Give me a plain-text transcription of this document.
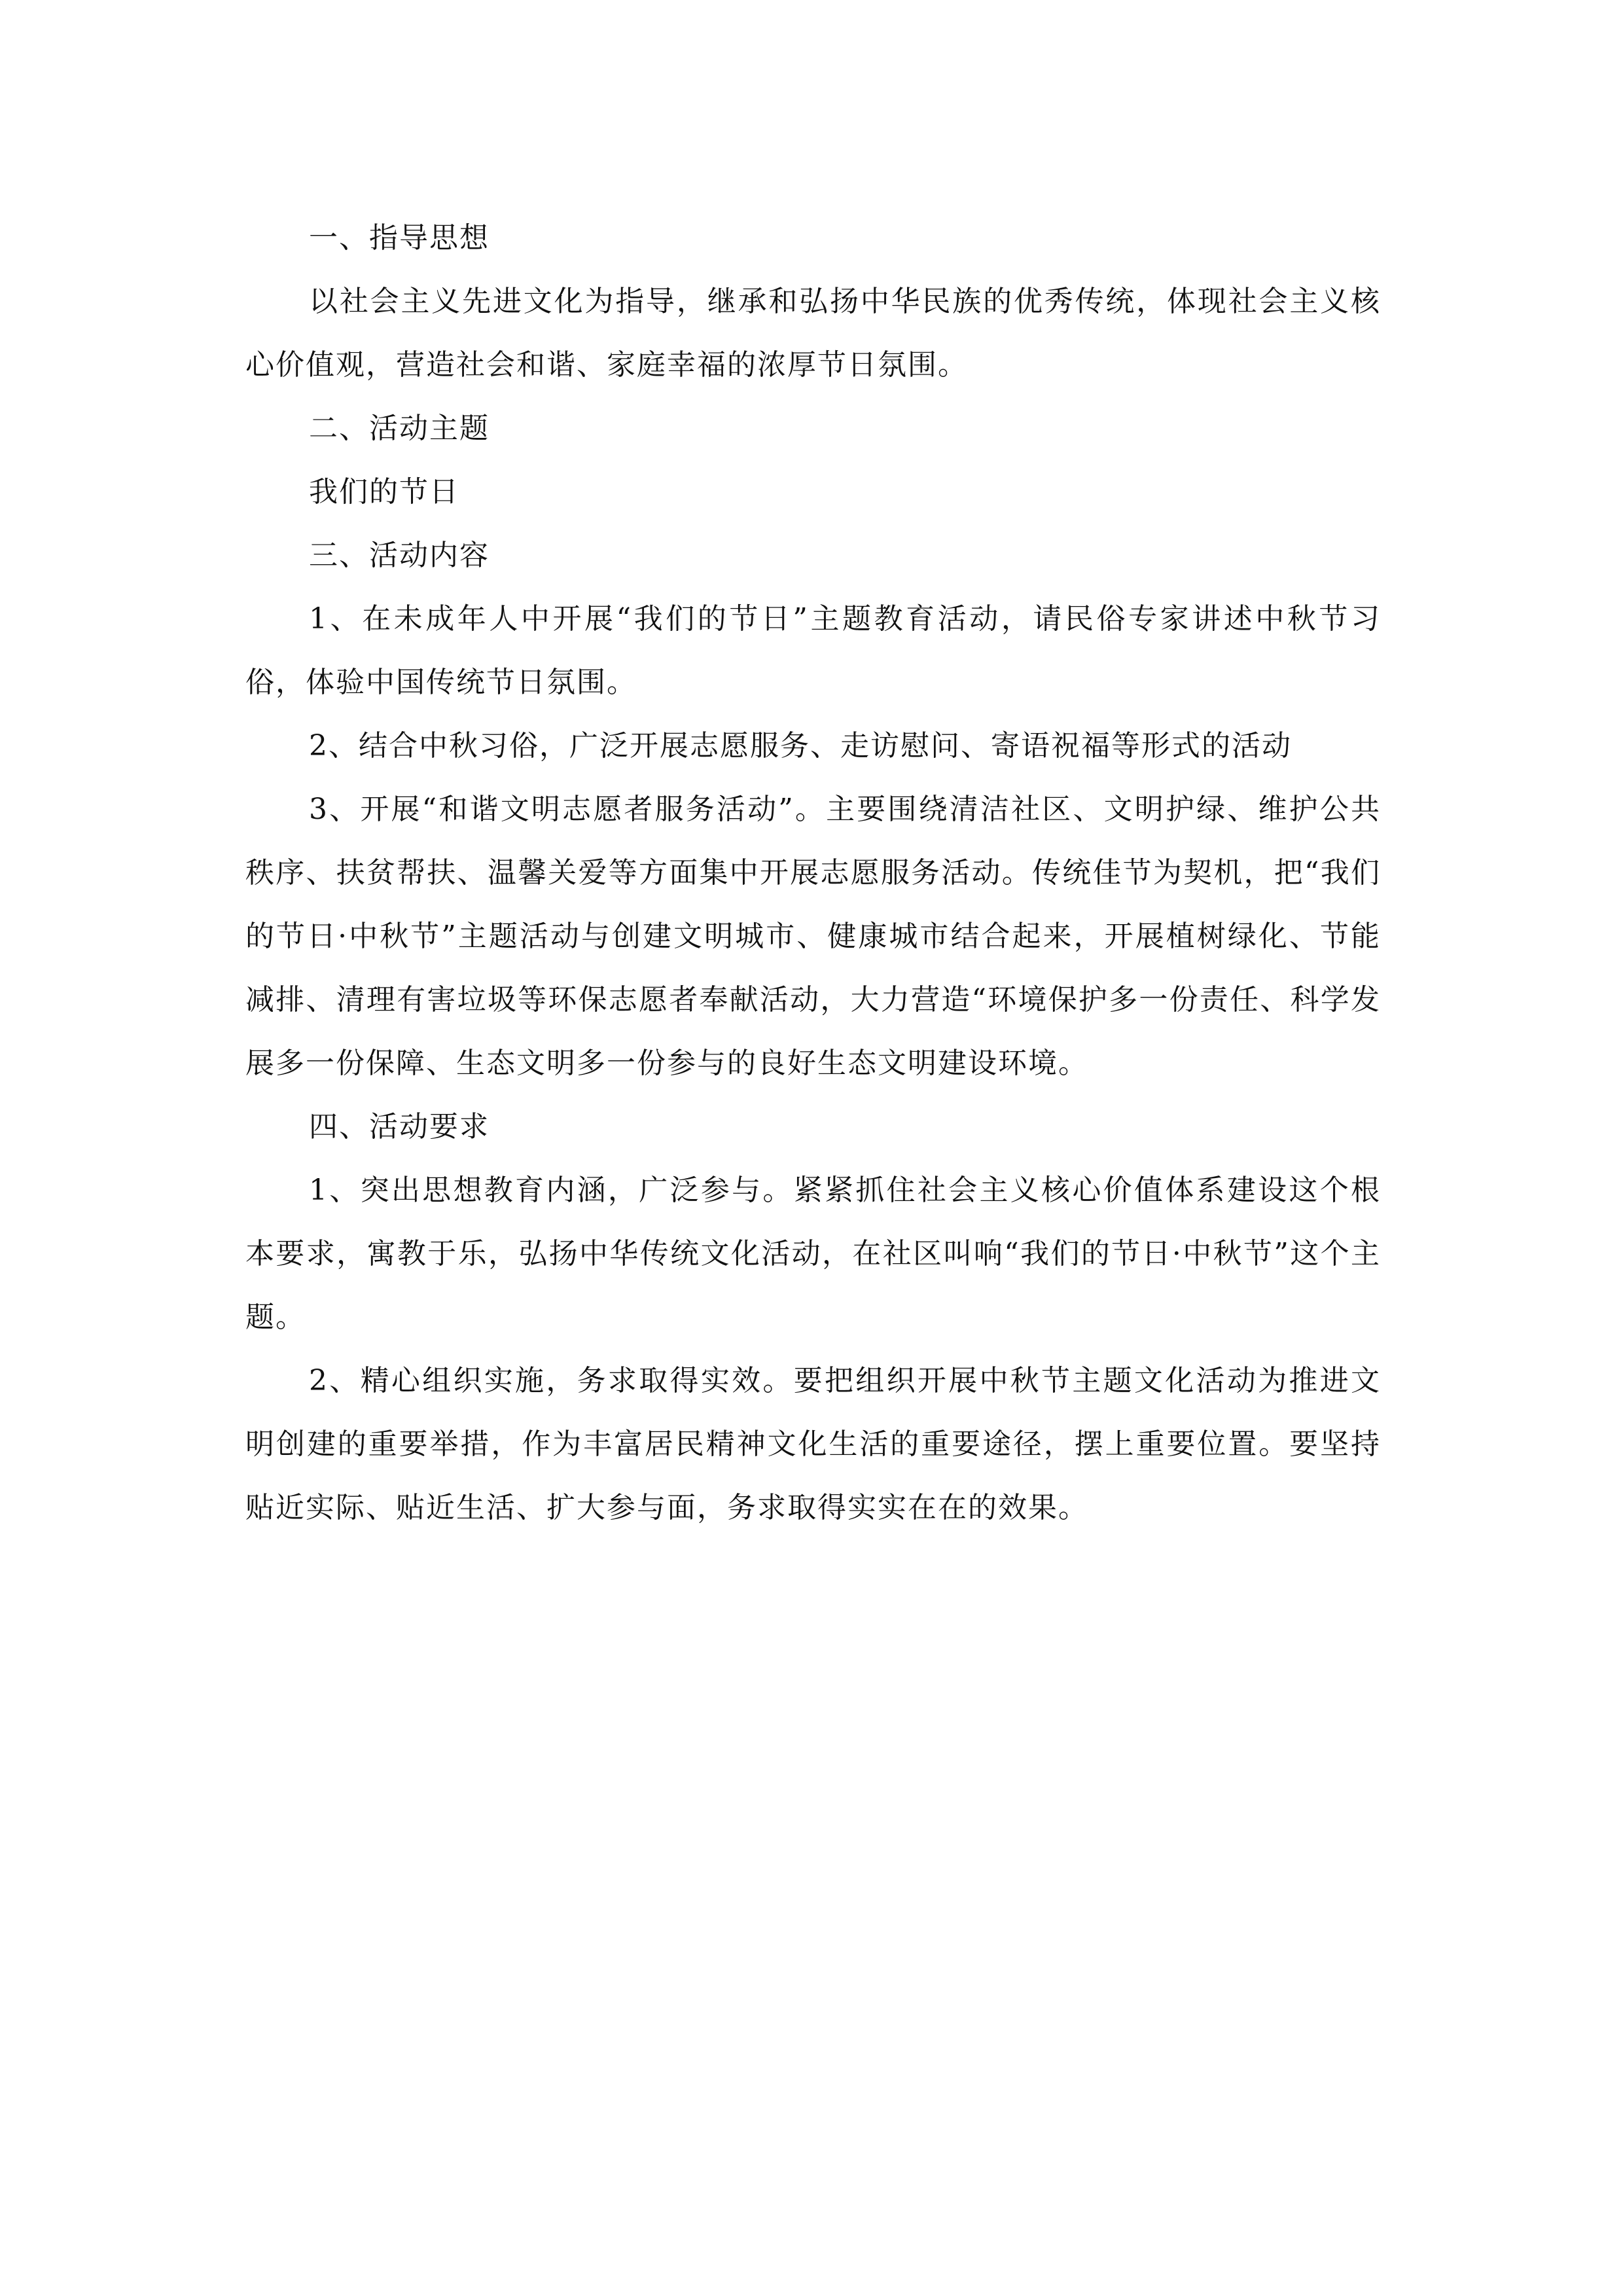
一、指导思想

以社会主义先进文化为指导，继承和弘扬中华民族的优秀传统，体现社会主义核心价值观，营造社会和谐、家庭幸福的浓厚节日氛围。

二、活动主题

我们的节日

三、活动内容

1、在未成年人中开展“我们的节日”主题教育活动，请民俗专家讲述中秋节习俗，体验中国传统节日氛围。

2、结合中秋习俗，广泛开展志愿服务、走访慰问、寄语祝福等形式的活动

3、开展“和谐文明志愿者服务活动”。主要围绕清洁社区、文明护绿、维护公共秩序、扶贫帮扶、温馨关爱等方面集中开展志愿服务活动。传统佳节为契机，把“我们的节日·中秋节”主题活动与创建文明城市、健康城市结合起来，开展植树绿化、节能减排、清理有害垃圾等环保志愿者奉献活动，大力营造“环境保护多一份责任、科学发展多一份保障、生态文明多一份参与的良好生态文明建设环境。

四、活动要求

1、突出思想教育内涵，广泛参与。紧紧抓住社会主义核心价值体系建设这个根本要求，寓教于乐，弘扬中华传统文化活动，在社区叫响“我们的节日·中秋节”这个主题。

2、精心组织实施，务求取得实效。要把组织开展中秋节主题文化活动为推进文明创建的重要举措，作为丰富居民精神文化生活的重要途径，摆上重要位置。要坚持贴近实际、贴近生活、扩大参与面，务求取得实实在在的效果。
